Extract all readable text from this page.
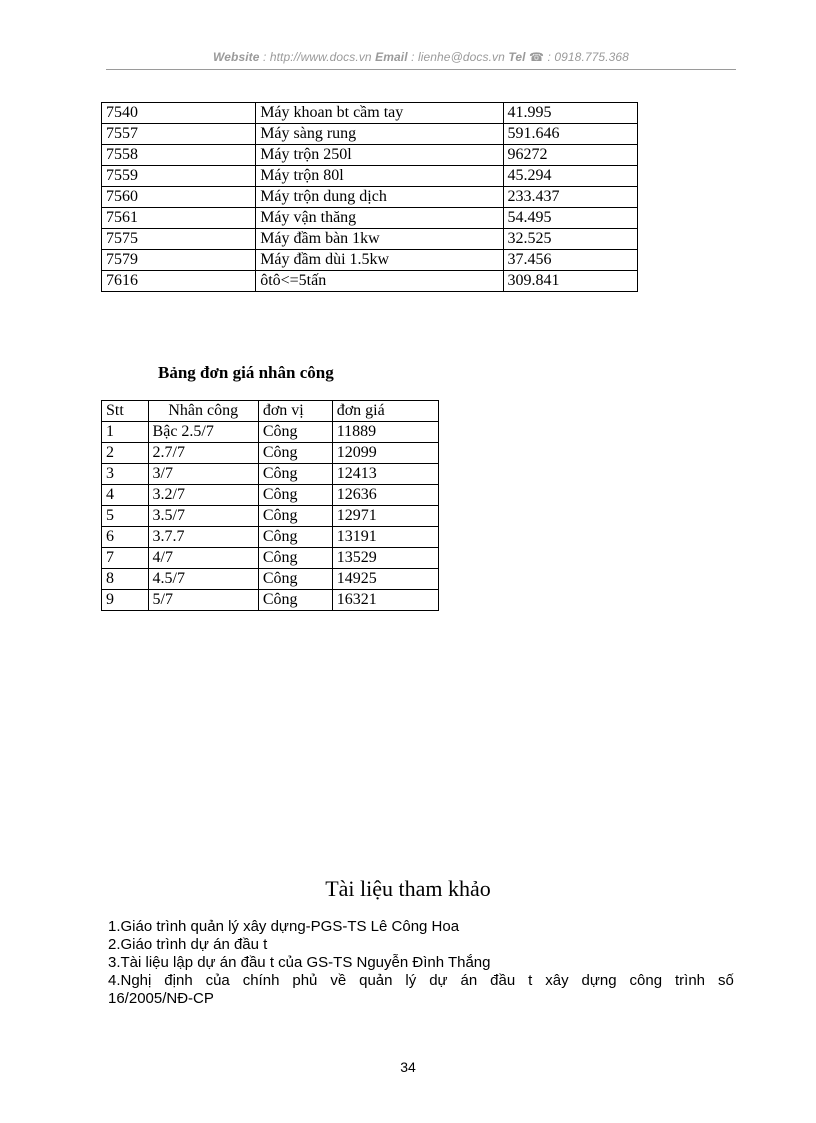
Website : http://www.docs.vn Email : lienhe@docs.vn Tel ☎ : 0918.775.368
7540	Máy khoan bt cầm tay	41.995
7557	Máy sàng rung	591.646
7558	Máy trộn 250l	96272
7559	Máy trộn 80l	45.294
7560	Máy trộn dung dịch	233.437
7561	Máy vận thăng	54.495
7575	Máy đầm bàn 1kw	32.525
7579	Máy đầm dùi 1.5kw	37.456
7616	ôtô<=5tấn	309.841
Bảng đơn giá nhân công
Stt	Nhân công	đơn vị	đơn giá
1	Bậc 2.5/7	Công	11889
2	2.7/7	Công	12099
3	3/7	Công	12413
4	3.2/7	Công	12636
5	3.5/7	Công	12971
6	3.7.7	Công	13191
7	4/7	Công	13529
8	4.5/7	Công	14925
9	5/7	Công	16321
Tài liệu tham khảo
1.Giáo trình quản lý xây dựng-PGS-TS Lê Công Hoa
2.Giáo trình dự án đầu t
3.Tài liệu lập dự án đầu t của GS-TS Nguyễn Đình Thắng
4.Nghị định của chính phủ về quản lý dự án đầu t xây dựng công trình số
16/2005/NĐ-CP
34
